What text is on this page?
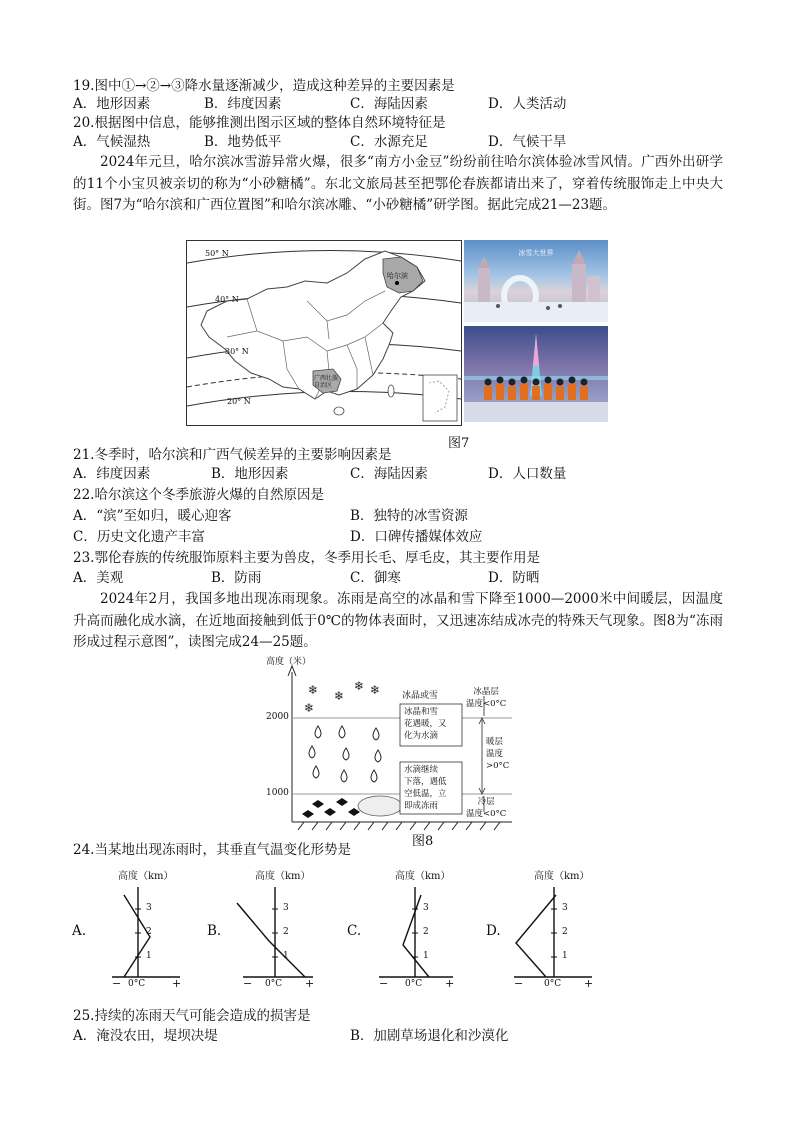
19.图中①→②→③降水量逐渐减少，造成这种差异的主要因素是
A．地形因素	B．纬度因素	C．海陆因素	D．人类活动
20.根据图中信息，能够推测出图示区域的整体自然环境特征是
A．气候湿热	B．地势低平	C．水源充足	D．气候干旱
2024年元旦，哈尔滨冰雪游异常火爆，很多“南方小金豆”纷纷前往哈尔滨体验冰雪风情。广西外出研学的11个小宝贝被亲切的称为“小砂糖橘”。东北文旅局甚至把鄂伦春族都请出来了，穿着传统服饰走上中央大街。图7为“哈尔滨和广西位置图”和哈尔滨冰雕、“小砂糖橘”研学图。据此完成21—23题。
50° N
40° N
30° N
20° N
哈尔滨
广西壮族自治区
冰雪大世界
图7
21.冬季时，哈尔滨和广西气候差异的主要影响因素是
A．纬度因素	B．地形因素	C．海陆因素	D．人口数量
22.哈尔滨这个冬季旅游火爆的自然原因是
A．“滨”至如归，暖心迎客	B．独特的冰雪资源
C．历史文化遗产丰富	D．口碑传播媒体效应
23.鄂伦春族的传统服饰原料主要为兽皮，冬季用长毛、厚毛皮，其主要作用是
A．美观	B．防雨	C．御寒	D．防晒
2024年2月，我国多地出现冻雨现象。冻雨是高空的冰晶和雪下降至1000—2000米中间暖层，因温度升高而融化成水滴，在近地面接触到低于0℃的物体表面时，又迅速冻结成冰壳的特殊天气现象。图8为“冻雨形成过程示意图”，读图完成24—25题。
❄ ❄
❄ ❄
❄
高度（米）
2000
1000
冰晶或雪
冰晶和雪
花遇暖，又
化为水滴
水滴继续
下落，遇低
空低温，立
即成冻雨
冰晶层
温度<0°C
暖层
温度
>0°C
冷层
温度<0°C
图8
24.当某地出现冻雨时，其垂直气温变化形势是
A.
高度（km）
1
2
3
0°C
−	+
B.
高度（km）
1
2
3
0°C
−	+
C.
高度（km）
1
2
3
0°C
−	+
D.
高度（km）
1
2
3
0°C
−	+
25.持续的冻雨天气可能会造成的损害是
A．淹没农田，堤坝决堤	B．加剧草场退化和沙漠化
